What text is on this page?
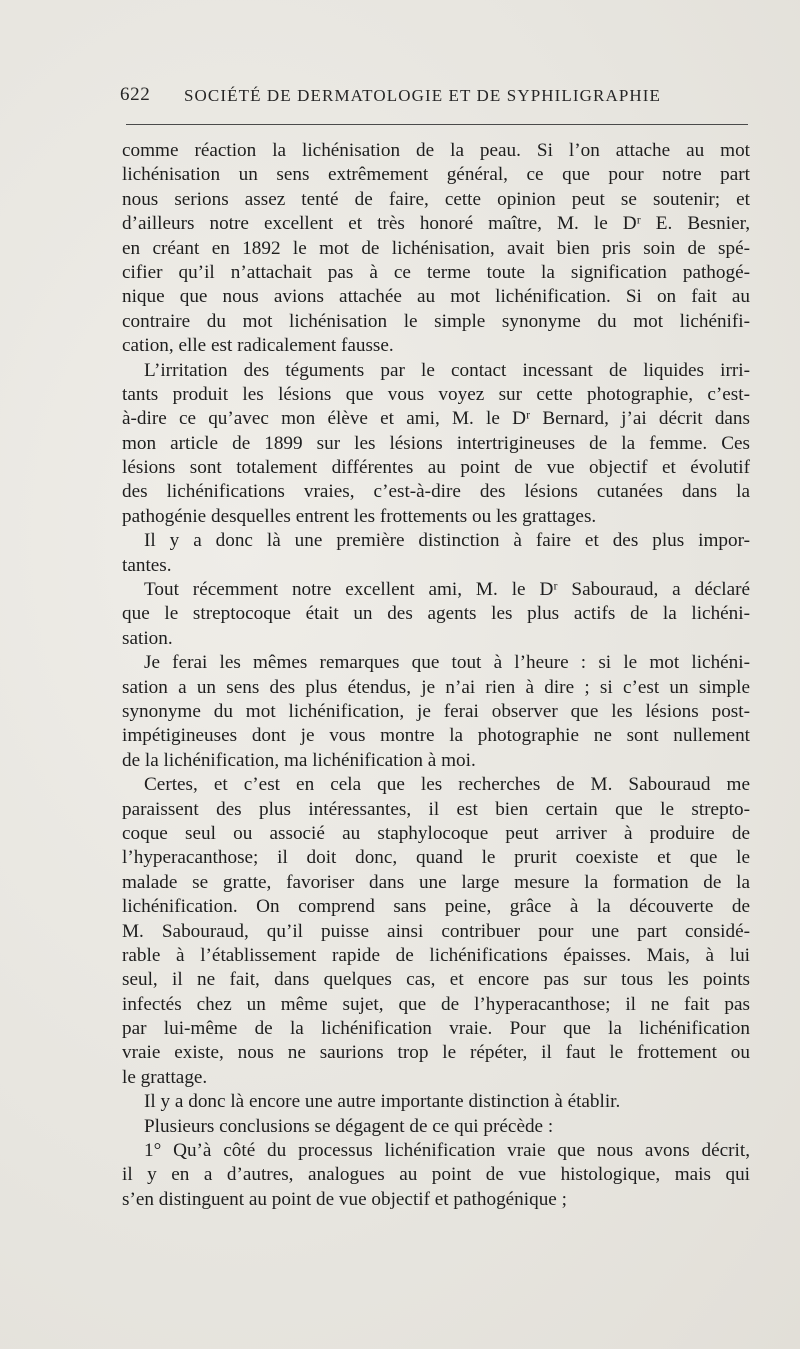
622 SOCIÉTÉ DE DERMATOLOGIE ET DE SYPHILIGRAPHIE
comme réaction la lichénisation de la peau. Si l’on attache au mot
lichénisation un sens extrêmement général, ce que pour notre part
nous serions assez tenté de faire, cette opinion peut se soutenir; et
d’ailleurs notre excellent et très honoré maître, M. le Dʳ E. Besnier,
en créant en 1892 le mot de lichénisation, avait bien pris soin de spé-
cifier qu’il n’attachait pas à ce terme toute la signification pathogé-
nique que nous avions attachée au mot lichénification. Si on fait au
contraire du mot lichénisation le simple synonyme du mot lichénifi-
cation, elle est radicalement fausse.
L’irritation des téguments par le contact incessant de liquides irri-
tants produit les lésions que vous voyez sur cette photographie, c’est-
à-dire ce qu’avec mon élève et ami, M. le Dʳ Bernard, j’ai décrit dans
mon article de 1899 sur les lésions intertrigineuses de la femme. Ces
lésions sont totalement différentes au point de vue objectif et évolutif
des lichénifications vraies, c’est-à-dire des lésions cutanées dans la
pathogénie desquelles entrent les frottements ou les grattages.
Il y a donc là une première distinction à faire et des plus impor-
tantes.
Tout récemment notre excellent ami, M. le Dʳ Sabouraud, a déclaré
que le streptocoque était un des agents les plus actifs de la lichéni-
sation.
Je ferai les mêmes remarques que tout à l’heure : si le mot lichéni-
sation a un sens des plus étendus, je n’ai rien à dire ; si c’est un simple
synonyme du mot lichénification, je ferai observer que les lésions post-
impétigineuses dont je vous montre la photographie ne sont nullement
de la lichénification, ma lichénification à moi.
Certes, et c’est en cela que les recherches de M. Sabouraud me
paraissent des plus intéressantes, il est bien certain que le strepto-
coque seul ou associé au staphylocoque peut arriver à produire de
l’hyperacanthose; il doit donc, quand le prurit coexiste et que le
malade se gratte, favoriser dans une large mesure la formation de la
lichénification. On comprend sans peine, grâce à la découverte de
M. Sabouraud, qu’il puisse ainsi contribuer pour une part considé-
rable à l’établissement rapide de lichénifications épaisses. Mais, à lui
seul, il ne fait, dans quelques cas, et encore pas sur tous les points
infectés chez un même sujet, que de l’hyperacanthose; il ne fait pas
par lui-même de la lichénification vraie. Pour que la lichénification
vraie existe, nous ne saurions trop le répéter, il faut le frottement ou
le grattage.
Il y a donc là encore une autre importante distinction à établir.
Plusieurs conclusions se dégagent de ce qui précède :
1° Qu’à côté du processus lichénification vraie que nous avons décrit,
il y en a d’autres, analogues au point de vue histologique, mais qui
s’en distinguent au point de vue objectif et pathogénique ;
